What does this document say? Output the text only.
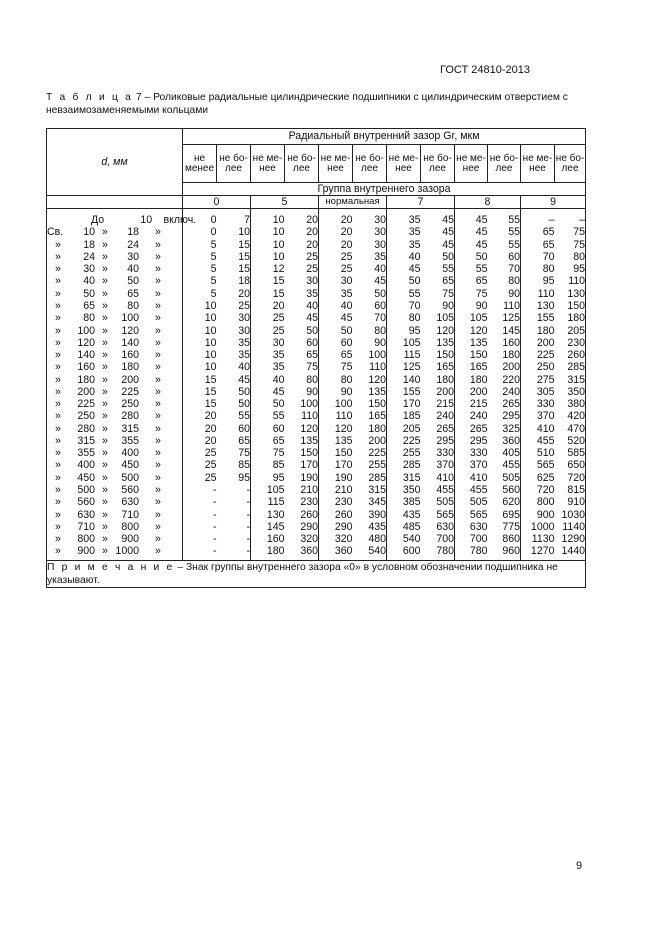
ГОСТ 24810-2013
Т а б л и ц а 7 – Роликовые радиальные цилиндрические подшипники с цилиндрическим отверстием с невзаимозаменяемыми кольцами
d, мм	Радиальный внутренний зазор Gr, мкм											
	не менее	не бо- лее	не ме- нее	не бо- лее	не ме- нее	не бо- лее	не ме- нее	не бо- лее	не ме- нее	не бо- лее	не ме- нее	не бо- лее
	Группа внутреннего зазора											
	0		5		нормальная		7		8		9	
До 10 включ.	0	7	10	20	20	30	35	45	45	55	–	–
Св. 10 » 18 »	0	10	10	20	20	30	35	45	45	55	65	75
» 18 » 24 »	5	15	10	20	20	30	35	45	45	55	65	75
» 24 » 30 »	5	15	10	25	25	35	40	50	50	60	70	80
» 30 » 40 »	5	15	12	25	25	40	45	55	55	70	80	95
» 40 » 50 »	5	18	15	30	30	45	50	65	65	80	95	110
» 50 » 65 »	5	20	15	35	35	50	55	75	75	90	110	130
» 65 » 80 »	10	25	20	40	40	60	70	90	90	110	130	150
» 80 » 100 »	10	30	25	45	45	70	80	105	105	125	155	180
» 100 » 120 »	10	30	25	50	50	80	95	120	120	145	180	205
» 120 » 140 »	10	35	30	60	60	90	105	135	135	160	200	230
» 140 » 160 »	10	35	35	65	65	100	115	150	150	180	225	260
» 160 » 180 »	10	40	35	75	75	110	125	165	165	200	250	285
» 180 » 200 »	15	45	40	80	80	120	140	180	180	220	275	315
» 200 » 225 »	15	50	45	90	90	135	155	200	200	240	305	350
» 225 » 250 »	15	50	50	100	100	150	170	215	215	265	330	380
» 250 » 280 »	20	55	55	110	110	165	185	240	240	295	370	420
» 280 » 315 »	20	60	60	120	120	180	205	265	265	325	410	470
» 315 » 355 »	20	65	65	135	135	200	225	295	295	360	455	520
» 355 » 400 »	25	75	75	150	150	225	255	330	330	405	510	585
» 400 » 450 »	25	85	85	170	170	255	285	370	370	455	565	650
» 450 » 500 »	25	95	95	190	190	285	315	410	410	505	625	720
» 500 » 560 »	-	-	105	210	210	315	350	455	455	560	720	815
» 560 » 630 »	-	-	115	230	230	345	385	505	505	620	800	910
» 630 » 710 »	-	-	130	260	260	390	435	565	565	695	900	1030
» 710 » 800 »	-	-	145	290	290	435	485	630	630	775	1000	1140
» 800 » 900 »	-	-	160	320	320	480	540	700	700	860	1130	1290
» 900 » 1000 »	-	-	180	360	360	540	600	780	780	960	1270	1440
П р и м е ч а н и е – Знак группы внутреннего зазора «0» в условном обозначении подшипника не указывают.												
9
